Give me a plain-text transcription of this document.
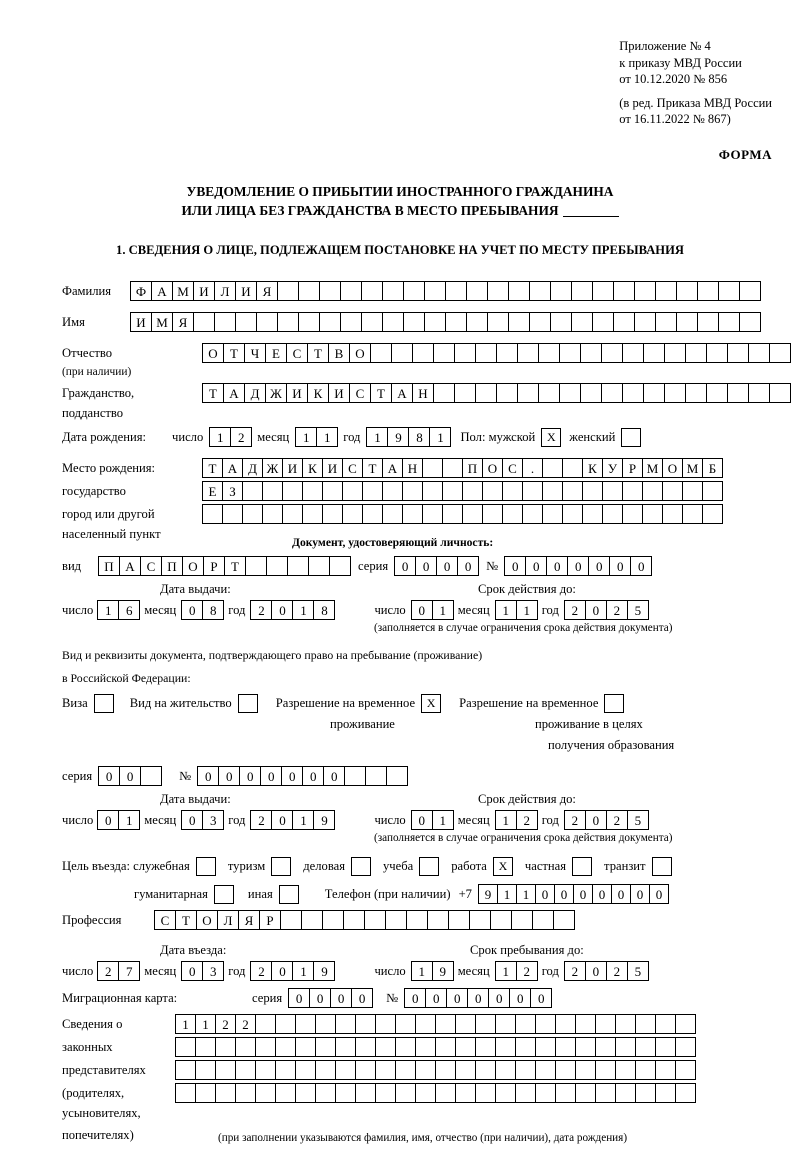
Приложение № 4
к приказу МВД России
от 10.12.2020 № 856
(в ред. Приказа МВД России
от 16.11.2022 № 867)
ФОРМА
УВЕДОМЛЕНИЕ О ПРИБЫТИИ ИНОСТРАННОГО ГРАЖДАНИНА
ИЛИ ЛИЦА БЕЗ ГРАЖДАНСТВА В МЕСТО ПРЕБЫВАНИЯ
1. СВЕДЕНИЯ О ЛИЦЕ, ПОДЛЕЖАЩЕМ ПОСТАНОВКЕ НА УЧЕТ ПО МЕСТУ ПРЕБЫВАНИЯ
Фамилия	Ф А М И Л И Я
Имя	И М Я
Отчество	О Т Ч Е С Т В О
(при наличии)
Гражданство,	Т А Д Ж И К И С Т А Н
подданство
Дата рождения:	число	1	2	месяц	1	1	год	1	9	8	1	Пол: мужской X	женский
Место рождения:	Т А Д Ж И К И С Т А Н	П О С	.	К У Р М О М Б
государство	Е З
город или другой
населенный пункт
Документ, удостоверяющий личность:
вид	П А С П О Р	Т	серия	0	0	0	0	№	0	0	0	0	0	0	0
Дата выдачи:	Срок действия до:
число 1	6 месяц 0	8 год 2	0	1	8	число 0	1 месяц 1	1 год 2	0	2	5
(заполняется в случае ограничения срока действия документа)
Вид и реквизиты документа, подтверждающего право на пребывание (проживание)
в Российской Федерации:
Виза	Вид на жительство	Разрешение на временное X	Разрешение на временное
проживание	проживание в целях
получения образования
серия	0	0	№	0	0	0	0	0	0	0
Дата выдачи:	Срок действия до:
число 0	1 месяц 0	3 год 2	0	1	9	число 0	1 месяц 1	2 год 2	0	2	5
(заполняется в случае ограничения срока действия документа)
Цель въезда: служебная	туризм	деловая	учеба	работа X	частная	транзит
гуманитарная	иная	Телефон (при наличии) +7 9 1 1 0 0 0 0 0 0 0
Профессия	С Т О Л Я	Р
Дата въезда:	Срок пребывания до:
число 2	7 месяц 0	3 год 2	0	1	9	число 1	9 месяц 1	2 год 2	0	2	5
Миграционная карта:	серия	0	0	0	0	№	0	0	0	0	0	0	0
Сведения о	1	1	2	2
законных
представителях
(родителях,
усыновителях,
попечителях)	(при заполнении указываются фамилия, имя, отчество (при наличии), дата рождения)
